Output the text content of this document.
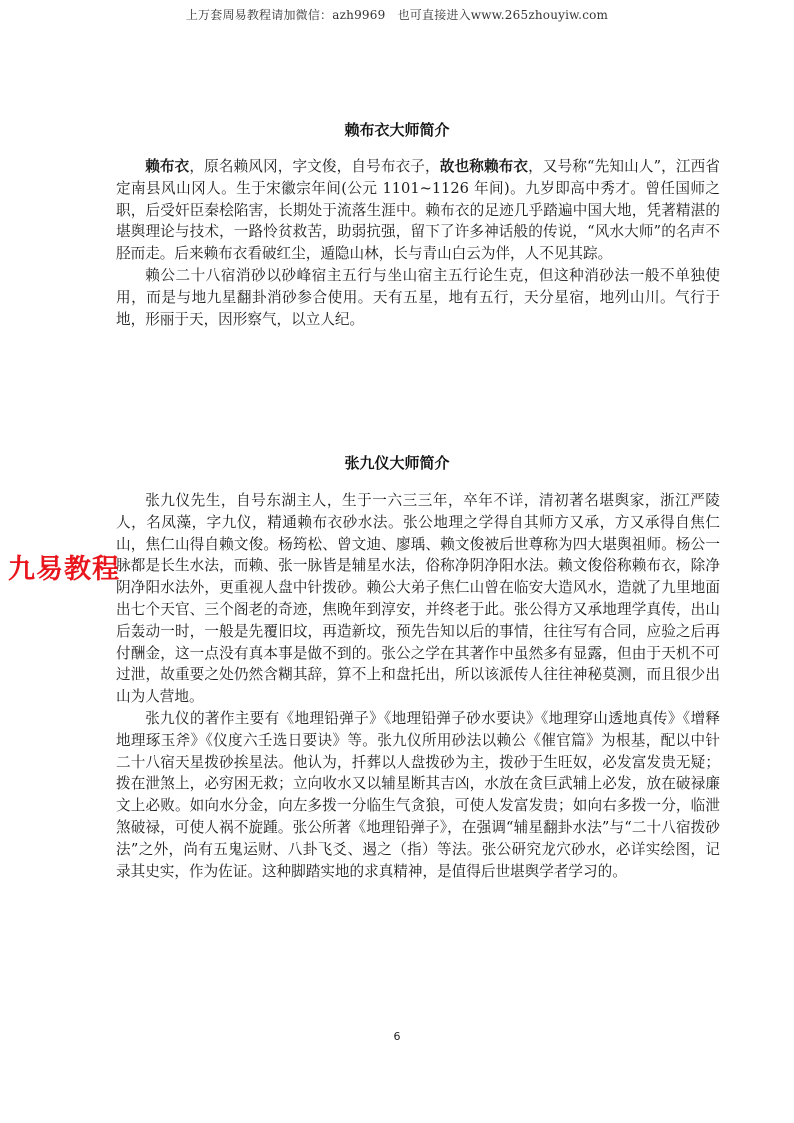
上万套周易教程请加微信：azh9969　也可直接进入www.265zhouyiw.com
赖布衣大师简介

赖布衣，原名赖风冈，字文俊，自号布衣子，故也称赖布衣，又号称“先知山人”，江西省定南县风山冈人。生于宋徽宗年间(公元 1101~1126 年间)。九岁即高中秀才。曾任国师之职，后受奸臣秦桧陷害，长期处于流落生涯中。赖布衣的足迹几乎踏遍中国大地，凭著精湛的堪舆理论与技术，一路怜贫救苦，助弱抗强，留下了许多神话般的传说，“风水大师”的名声不胫而走。后来赖布衣看破红尘，遁隐山林，长与青山白云为伴，人不见其踪。

赖公二十八宿消砂以砂峰宿主五行与坐山宿主五行论生克，但这种消砂法一般不单独使用，而是与地九星翻卦消砂参合使用。天有五星，地有五行，天分星宿，地列山川。气行于地，形丽于天，因形察气，以立人纪。

张九仪大师简介

张九仪先生，自号东湖主人，生于一六三三年，卒年不详，清初著名堪舆家，浙江严陵人，名凤藻，字九仪，精通赖布衣砂水法。张公地理之学得自其师方又承，方又承得自焦仁山，焦仁山得自赖文俊。杨筠松、曾文迪、廖瑀、赖文俊被后世尊称为四大堪舆祖师。杨公一脉都是长生水法，而赖、张一脉皆是辅星水法，俗称净阴净阳水法。赖文俊俗称赖布衣，除净阴净阳水法外，更重视人盘中针拨砂。赖公大弟子焦仁山曾在临安大造风水，造就了九里地面出七个天官、三个阁老的奇迹，焦晚年到淳安，并终老于此。张公得方又承地理学真传，出山后轰动一时，一般是先覆旧坟，再造新坟，预先告知以后的事情，往往写有合同，应验之后再付酬金，这一点没有真本事是做不到的。张公之学在其著作中虽然多有显露，但由于天机不可过泄，故重要之处仍然含糊其辞，算不上和盘托出，所以该派传人往往神秘莫测，而且很少出山为人营地。

张九仪的著作主要有《地理铅弹子》《地理铅弹子砂水要诀》《地理穿山透地真传》《增释地理琢玉斧》《仪度六壬选日要诀》等。张九仪所用砂法以赖公《催官篇》为根基，配以中针二十八宿天星拨砂挨星法。他认为，扦葬以人盘拨砂为主，拨砂于生旺奴，必发富发贵无疑；拨在泄煞上，必穷困无救；立向收水又以辅星断其吉凶，水放在贪巨武辅上必发，放在破禄廉文上必败。如向水分金，向左多拨一分临生气贪狼，可使人发富发贵；如向右多拨一分，临泄煞破禄，可使人祸不旋踵。张公所著《地理铅弹子》，在强调“辅星翻卦水法”与“二十八宿拨砂法”之外，尚有五鬼运财、八卦飞爻、遏之（指）等法。张公研究龙穴砂水，必详实绘图，记录其史实，作为佐证。这种脚踏实地的求真精神，是值得后世堪舆学者学习的。

九易教程
6
